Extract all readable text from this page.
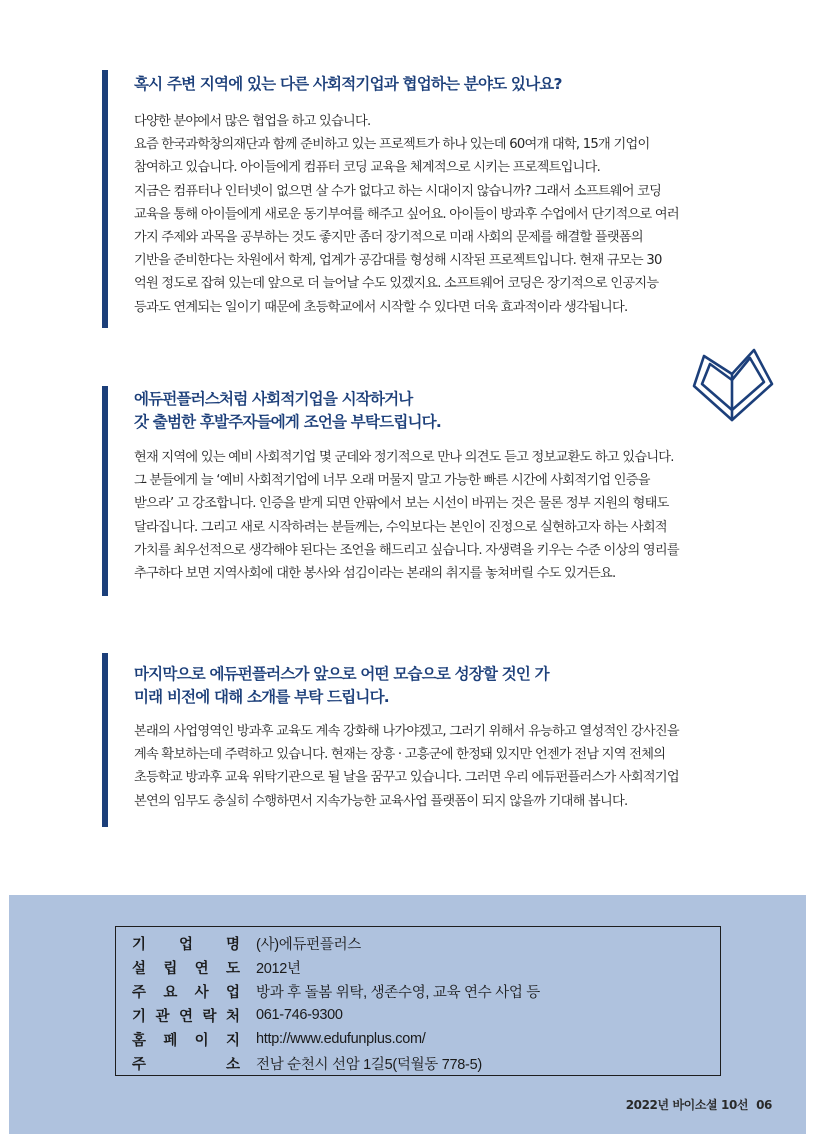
혹시 주변 지역에 있는 다른 사회적기업과 협업하는 분야도 있나요?

다양한 분야에서 많은 협업을 하고 있습니다.

요즘 한국과학창의재단과 함께 준비하고 있는 프로젝트가 하나 있는데 60여개 대학, 15개 기업이

참여하고 있습니다. 아이들에게 컴퓨터 코딩 교육을 체계적으로 시키는 프로젝트입니다.

지금은 컴퓨터나 인터넷이 없으면 살 수가 없다고 하는 시대이지 않습니까? 그래서 소프트웨어 코딩

교육을 통해 아이들에게 새로운 동기부여를 해주고 싶어요. 아이들이 방과후 수업에서 단기적으로 여러

가지 주제와 과목을 공부하는 것도 좋지만 좀더 장기적으로 미래 사회의 문제를 해결할 플랫폼의

기반을 준비한다는 차원에서 학계, 업계가 공감대를 형성해 시작된 프로젝트입니다. 현재 규모는 30

억원 정도로 잡혀 있는데 앞으로 더 늘어날 수도 있겠지요. 소프트웨어 코딩은 장기적으로 인공지능

등과도 연계되는 일이기 때문에 초등학교에서 시작할 수 있다면 더욱 효과적이라 생각됩니다.

에듀펀플러스처럼 사회적기업을 시작하거나
갓 출범한 후발주자들에게 조언을 부탁드립니다.

현재 지역에 있는 예비 사회적기업 몇 군데와 정기적으로 만나 의견도 듣고 정보교환도 하고 있습니다.

그 분들에게 늘 ‘예비 사회적기업에 너무 오래 머물지 말고 가능한 빠른 시간에 사회적기업 인증을

받으라’ 고 강조합니다. 인증을 받게 되면 안팎에서 보는 시선이 바뀌는 것은 물론 정부 지원의 형태도

달라집니다. 그리고 새로 시작하려는 분들께는, 수익보다는 본인이 진정으로 실현하고자 하는 사회적

가치를 최우선적으로 생각해야 된다는 조언을 해드리고 싶습니다. 자생력을 키우는 수준 이상의 영리를

추구하다 보면 지역사회에 대한 봉사와 섬김이라는 본래의 취지를 놓쳐버릴 수도 있거든요.

마지막으로 에듀펀플러스가 앞으로 어떤 모습으로 성장할 것인 가
미래 비전에 대해 소개를 부탁 드립니다.

본래의 사업영역인 방과후 교육도 계속 강화해 나가야겠고, 그러기 위해서 유능하고 열성적인 강사진을

계속 확보하는데 주력하고 있습니다. 현재는 장흥 · 고흥군에 한정돼 있지만 언젠가 전남 지역 전체의

초등학교 방과후 교육 위탁기관으로 될 날을 꿈꾸고 있습니다. 그러면 우리 에듀펀플러스가 사회적기업

본연의 임무도 충실히 수행하면서 지속가능한 교육사업 플랫폼이 되지 않을까 기대해 봅니다.

기 업 명 (사)에듀펀플러스
설 립 연 도 2012년
주 요 사 업 방과 후 돌봄 위탁, 생존수영, 교육 연수 사업 등
기 관 연 락 처 061-746-9300
홈 페 이 지 http://www.edufunplus.com/
주	소 전남 순천시 선암 1길5(덕월동 778-5)
2022년 바이소셜 10선 06
